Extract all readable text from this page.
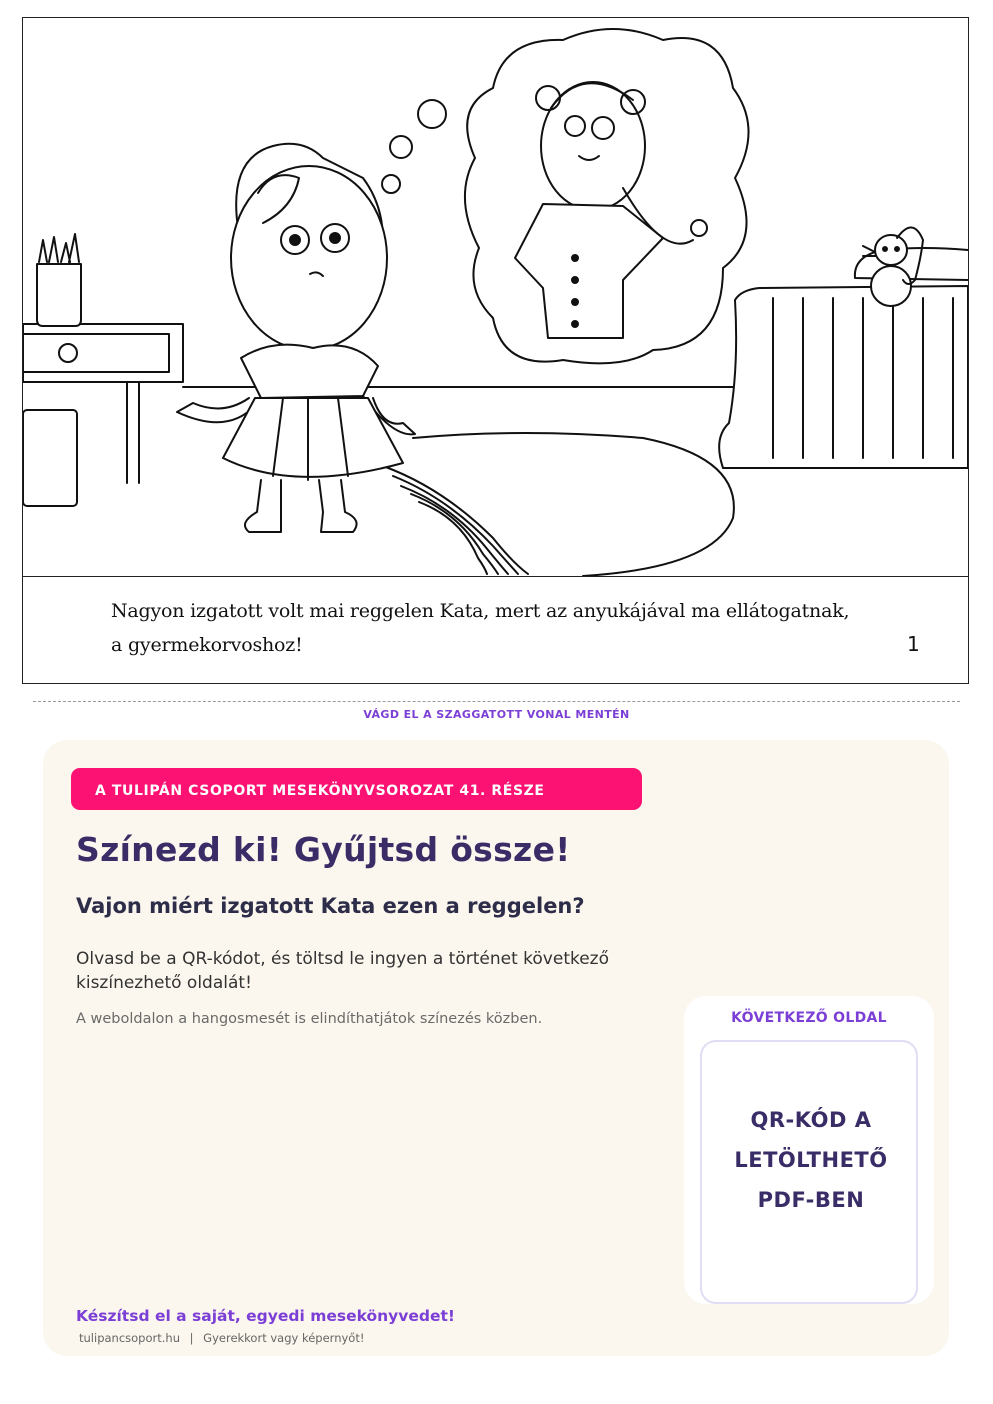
Nagyon izgatott volt mai reggelen Kata, mert az anyukájával ma ellátogatnak,
a gyermekorvoshoz!	1
VÁGD EL A SZAGGATOTT VONAL MENTÉN
A TULIPÁN CSOPORT MESEKÖNYVSOROZAT 41. RÉSZE
Színezd ki! Gyűjtsd össze!
Vajon miért izgatott Kata ezen a reggelen?
Olvasd be a QR-kódot, és töltsd le ingyen a történet következő
kiszínezhető oldalát!
A weboldalon a hangosmesét is elindíthatjátok színezés közben.	KÖVETKEZŐ OLDAL
QR-KÓD A
LETÖLTHETŐ
PDF-BEN
Készítsd el a saját, egyedi mesekönyvedet!
tulipancsoport.hu | Gyerekkort vagy képernyőt!
